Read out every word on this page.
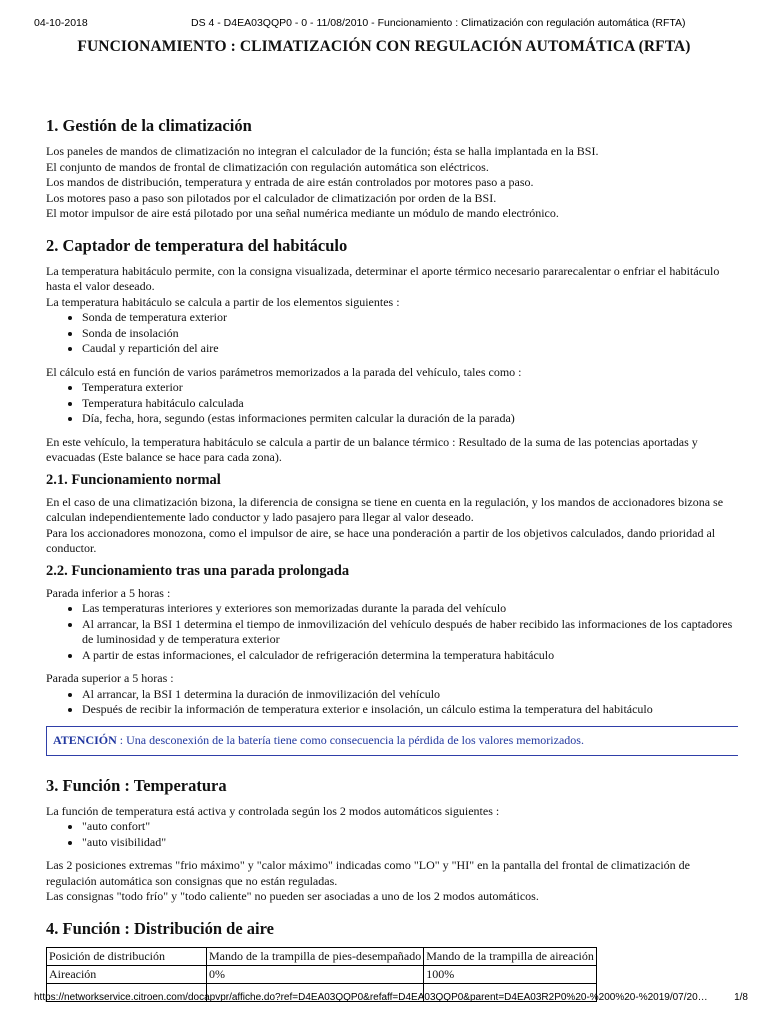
04-10-2018	DS 4 - D4EA03QQP0 - 0 - 11/08/2010 - Funcionamiento : Climatización con regulación automática (RFTA)
FUNCIONAMIENTO : CLIMATIZACIÓN CON REGULACIÓN AUTOMÁTICA (RFTA)
1. Gestión de la climatización

Los paneles de mandos de climatización no integran el calculador de la función; ésta se halla implantada en la BSI.

El conjunto de mandos de frontal de climatización con regulación automática son eléctricos.

Los mandos de distribución, temperatura y entrada de aire están controlados por motores paso a paso.

Los motores paso a paso son pilotados por el calculador de climatización por orden de la BSI.

El motor impulsor de aire está pilotado por una señal numérica mediante un módulo de mando electrónico.

2. Captador de temperatura del habitáculo

La temperatura habitáculo permite, con la consigna visualizada, determinar el aporte térmico necesario pararecalentar o enfriar el habitáculo hasta el valor deseado.

La temperatura habitáculo se calcula a partir de los elementos siguientes :

• Sonda de temperatura exterior
• Sonda de insolación
• Caudal y repartición del aire

El cálculo está en función de varios parámetros memorizados a la parada del vehículo, tales como :

• Temperatura exterior
• Temperatura habitáculo calculada
• Día, fecha, hora, segundo (estas informaciones permiten calcular la duración de la parada)

En este vehículo, la temperatura habitáculo se calcula a partir de un balance térmico : Resultado de la suma de las potencias aportadas y evacuadas (Este balance se hace para cada zona).

2.1. Funcionamiento normal

En el caso de una climatización bizona, la diferencia de consigna se tiene en cuenta en la regulación, y los mandos de accionadores bizona se calculan independientemente lado conductor y lado pasajero para llegar al valor deseado.

Para los accionadores monozona, como el impulsor de aire, se hace una ponderación a partir de los objetivos calculados, dando prioridad al conductor.

2.2. Funcionamiento tras una parada prolongada

Parada inferior a 5 horas :

• Las temperaturas interiores y exteriores son memorizadas durante la parada del vehículo
• Al arrancar, la BSI 1 determina el tiempo de inmovilización del vehículo después de haber recibido las informaciones de los captadores de luminosidad y de temperatura exterior
• A partir de estas informaciones, el calculador de refrigeración determina la temperatura habitáculo

Parada superior a 5 horas :

• Al arrancar, la BSI 1 determina la duración de inmovilización del vehículo
• Después de recibir la información de temperatura exterior e insolación, un cálculo estima la temperatura del habitáculo
ATENCIÓN : Una desconexión de la batería tiene como consecuencia la pérdida de los valores memorizados.
3. Función : Temperatura

La función de temperatura está activa y controlada según los 2 modos automáticos siguientes :

• "auto confort"
• "auto visibilidad"

Las 2 posiciones extremas "frio máximo" y "calor máximo" indicadas como "LO" y "HI" en la pantalla del frontal de climatización de regulación automática son consignas que no están reguladas.

Las consignas "todo frío" y "todo caliente" no pueden ser asociadas a uno de los 2 modos automáticos.

4. Función : Distribución de aire
Posición de distribución	Mando de la trampilla de pies-desempañado	Mando de la trampilla de aireación
Aireación	0%	100%

https://networkservice.citroen.com/docapvpr/affiche.do?ref=D4EA03QQP0&refaff=D4EA03QQP0&parent=D4EA03R2P0%20-%200%20-%2019/07/20…	1/8
